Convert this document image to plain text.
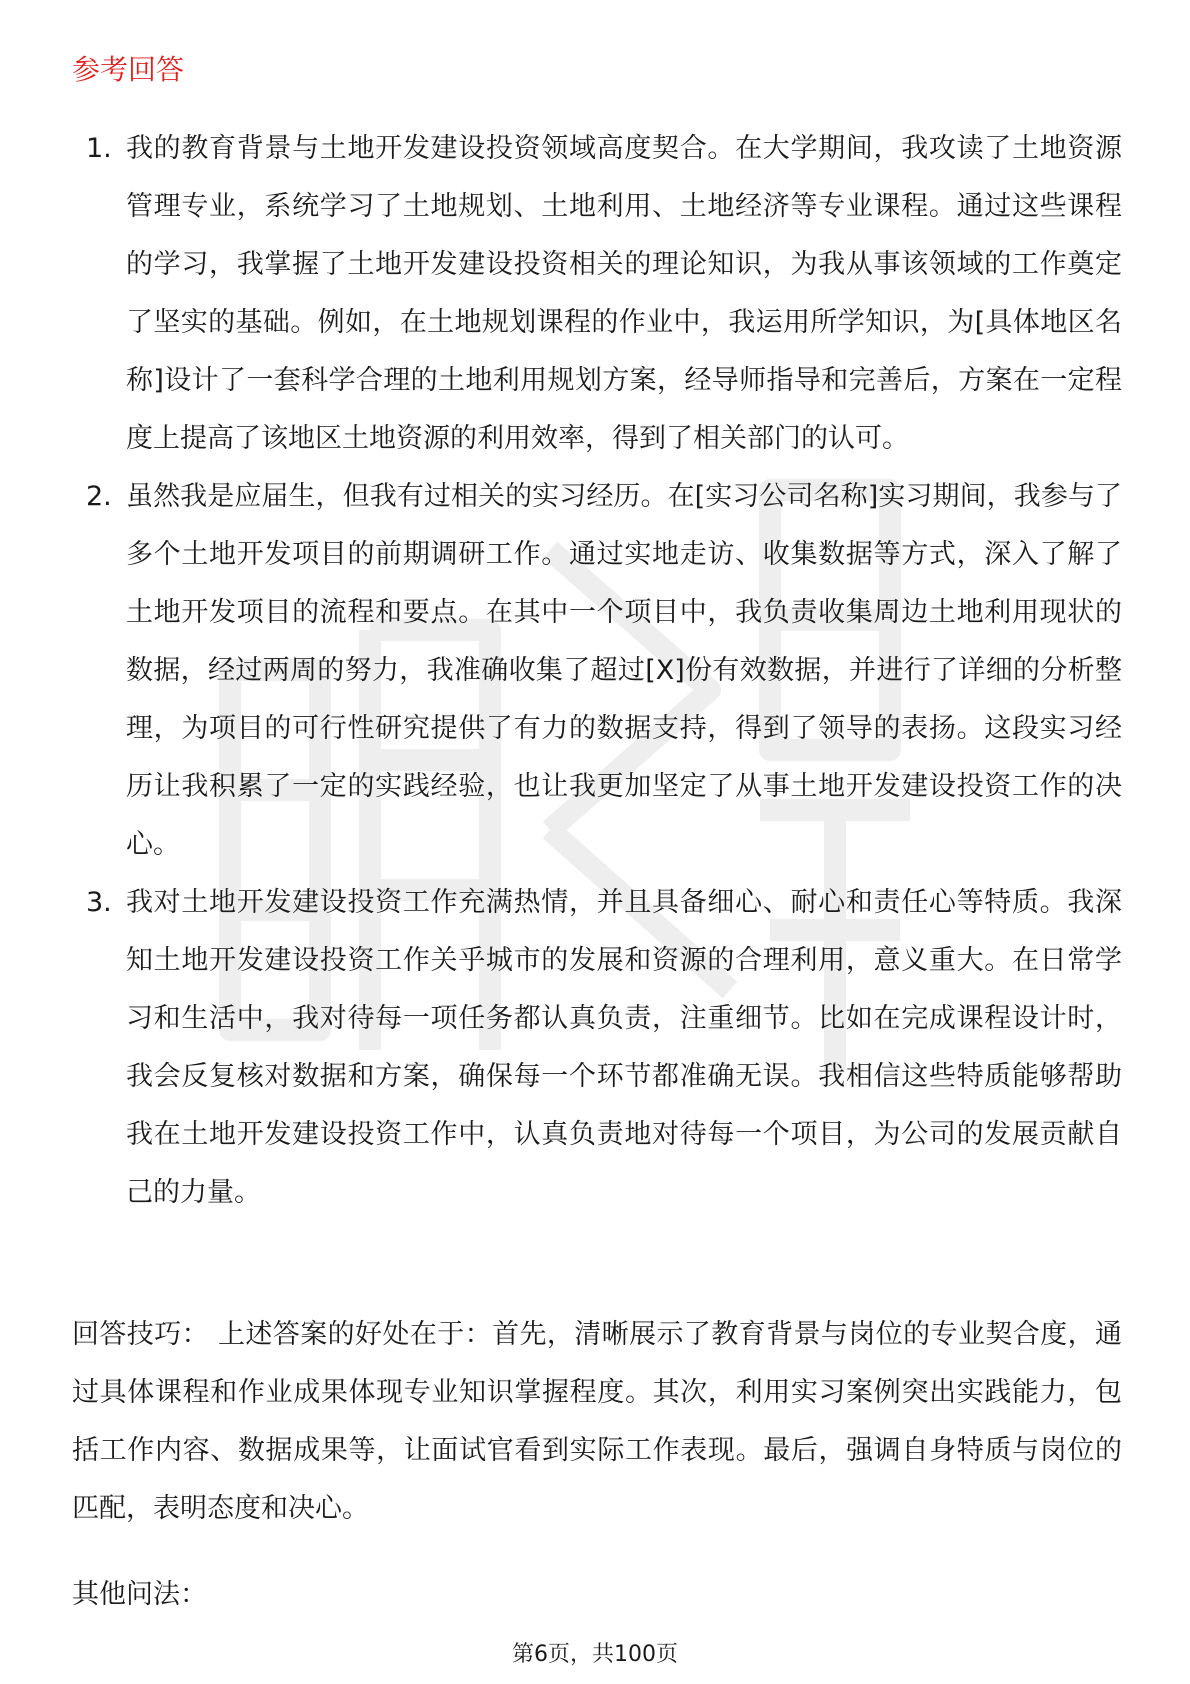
参考回答
1. 我的教育背景与土地开发建设投资领域高度契合。在大学期间，我攻读了土地资源管理专业，系统学习了土地规划、土地利用、土地经济等专业课程。通过这些课程的学习，我掌握了土地开发建设投资相关的理论知识，为我从事该领域的工作奠定了坚实的基础。例如，在土地规划课程的作业中，我运用所学知识，为[具体地区名称]设计了一套科学合理的土地利用规划方案，经导师指导和完善后，方案在一定程度上提高了该地区土地资源的利用效率，得到了相关部门的认可。
2. 虽然我是应届生，但我有过相关的实习经历。在[实习公司名称]实习期间，我参与了多个土地开发项目的前期调研工作。通过实地走访、收集数据等方式，深入了解了土地开发项目的流程和要点。在其中一个项目中，我负责收集周边土地利用现状的数据，经过两周的努力，我准确收集了超过[X]份有效数据，并进行了详细的分析整理，为项目的可行性研究提供了有力的数据支持，得到了领导的表扬。这段实习经历让我积累了一定的实践经验，也让我更加坚定了从事土地开发建设投资工作的决心。
3. 我对土地开发建设投资工作充满热情，并且具备细心、耐心和责任心等特质。我深知土地开发建设投资工作关乎城市的发展和资源的合理利用，意义重大。在日常学习和生活中，我对待每一项任务都认真负责，注重细节。比如在完成课程设计时，我会反复核对数据和方案，确保每一个环节都准确无误。我相信这些特质能够帮助我在土地开发建设投资工作中，认真负责地对待每一个项目，为公司的发展贡献自己的力量。

回答技巧： 上述答案的好处在于：首先，清晰展示了教育背景与岗位的专业契合度，通过具体课程和作业成果体现专业知识掌握程度。其次，利用实习案例突出实践能力，包括工作内容、数据成果等，让面试官看到实际工作表现。最后，强调自身特质与岗位的匹配，表明态度和决心。

其他问法：

第6页，共100页
